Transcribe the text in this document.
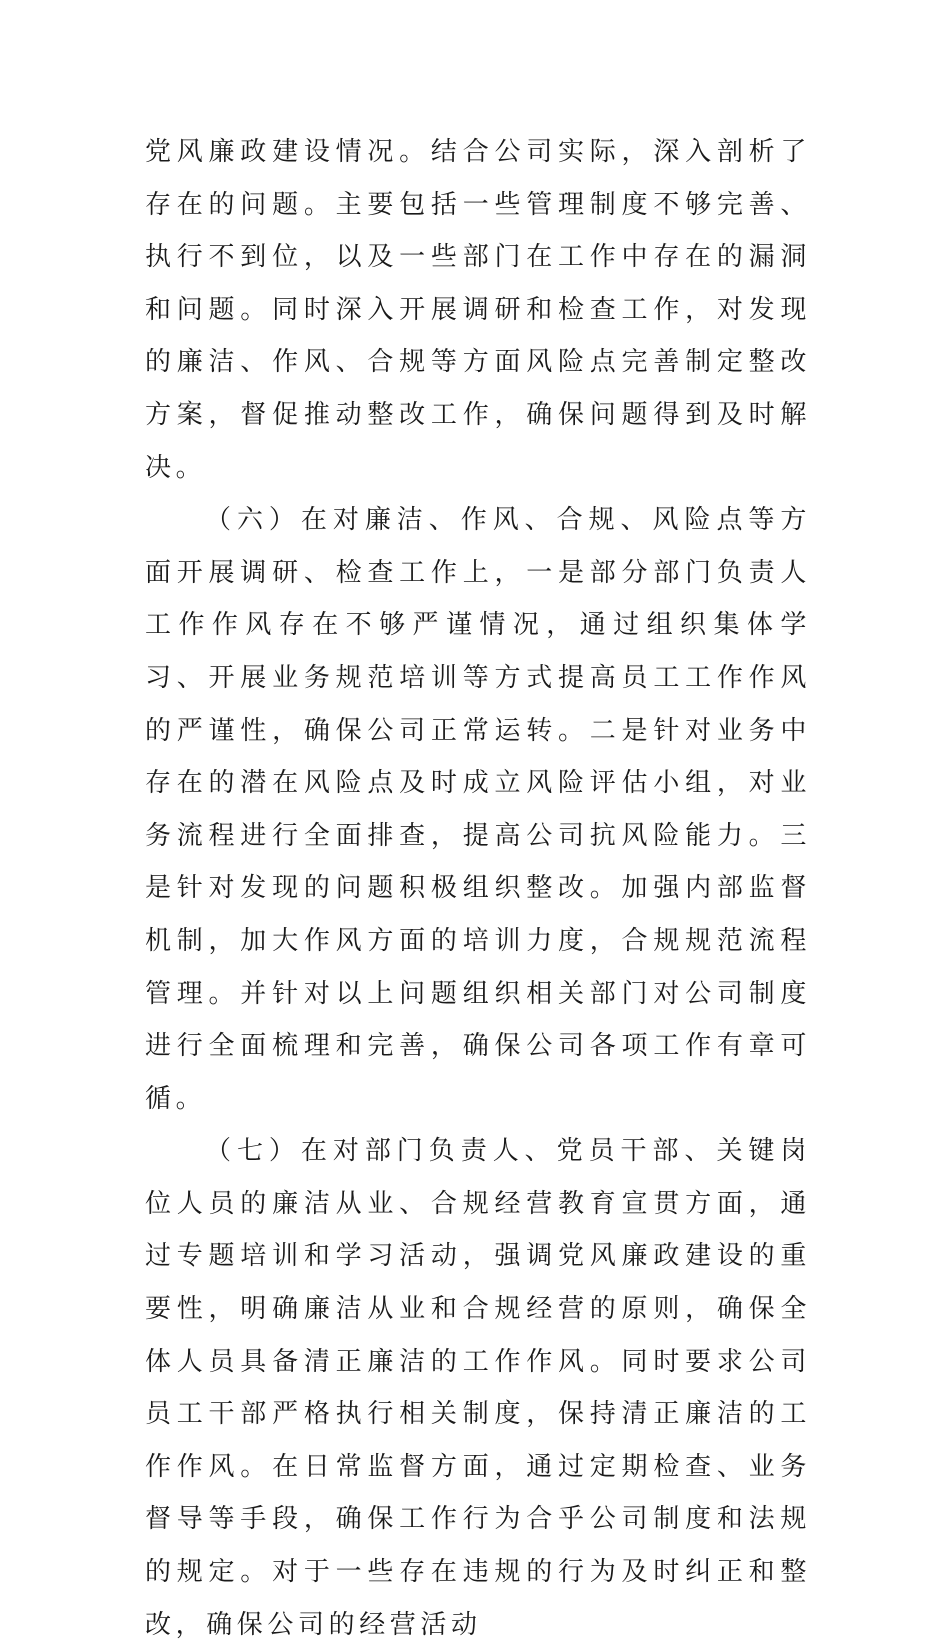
党风廉政建设情况。结合公司实际，深入剖析了存在的问题。主要包括一些管理制度不够完善、执行不到位，以及一些部门在工作中存在的漏洞和问题。同时深入开展调研和检查工作，对发现的廉洁、作风、合规等方面风险点完善制定整改方案，督促推动整改工作，确保问题得到及时解决。

（六）在对廉洁、作风、合规、风险点等方面开展调研、检查工作上，一是部分部门负责人工作作风存在不够严谨情况，通过组织集体学习、开展业务规范培训等方式提高员工工作作风的严谨性，确保公司正常运转。二是针对业务中存在的潜在风险点及时成立风险评估小组，对业务流程进行全面排查，提高公司抗风险能力。三是针对发现的问题积极组织整改。加强内部监督机制，加大作风方面的培训力度，合规规范流程管理。并针对以上问题组织相关部门对公司制度进行全面梳理和完善，确保公司各项工作有章可循。

（七）在对部门负责人、党员干部、关键岗位人员的廉洁从业、合规经营教育宣贯方面，通过专题培训和学习活动，强调党风廉政建设的重要性，明确廉洁从业和合规经营的原则，确保全体人员具备清正廉洁的工作作风。同时要求公司员工干部严格执行相关制度，保持清正廉洁的工作作风。在日常监督方面，通过定期检查、业务督导等手段，确保工作行为合乎公司制度和法规的规定。对于一些存在违规的行为及时纠正和整改，确保公司的经营活动
